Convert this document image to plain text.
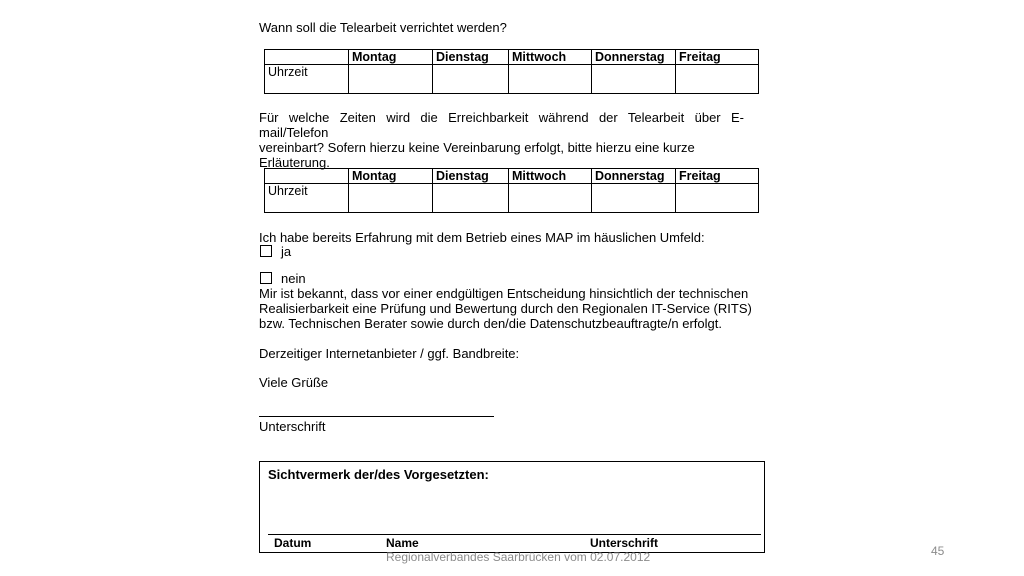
Wann soll die Telearbeit verrichtet werden?
	Montag	Dienstag	Mittwoch	Donnerstag	Freitag
Uhrzeit					
Für welche Zeiten wird die Erreichbarkeit während der Telearbeit über E-mail/Telefon
vereinbart? Sofern hierzu keine Vereinbarung erfolgt, bitte hierzu eine kurze
Erläuterung.
	Montag	Dienstag	Mittwoch	Donnerstag	Freitag
Uhrzeit					
Ich habe bereits Erfahrung mit dem Betrieb eines MAP im häuslichen Umfeld:
ja
nein
Mir ist bekannt, dass vor einer endgültigen Entscheidung hinsichtlich der technischen
Realisierbarkeit eine Prüfung und Bewertung durch den Regionalen IT-Service (RITS)
bzw. Technischen Berater sowie durch den/die Datenschutzbeauftragte/n erfolgt.
Derzeitiger Internetanbieter / ggf. Bandbreite:
Viele Grüße
Unterschrift
Sichtvermerk der/des Vorgesetzten:
Datum	Name	Unterschrift
Regionalverbandes Saarbrücken vom 02.07.2012	45
